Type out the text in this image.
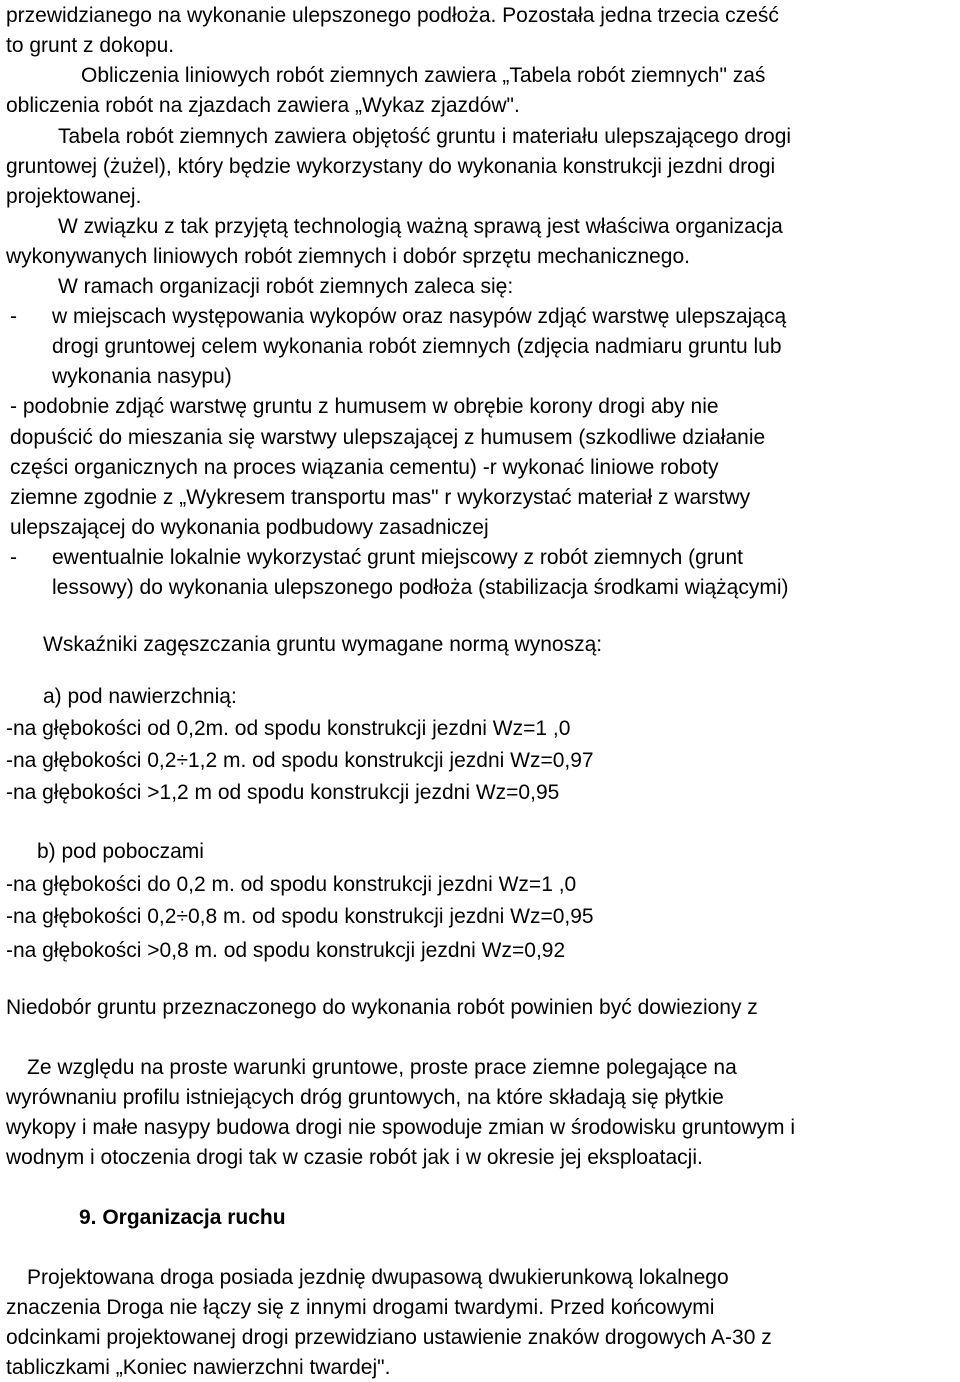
przewidzianego na wykonanie ulepszonego podłoża. Pozostała jedna trzecia cześć
to grunt z dokopu.
Obliczenia liniowych robót ziemnych zawiera „Tabela robót ziemnych" zaś
obliczenia robót na zjazdach zawiera „Wykaz zjazdów".
Tabela robót ziemnych zawiera objętość gruntu i materiału ulepszającego drogi
gruntowej (żużel), który będzie wykorzystany do wykonania konstrukcji jezdni drogi
projektowanej.
W związku z tak przyjętą technologią ważną sprawą jest właściwa organizacja
wykonywanych liniowych robót ziemnych i dobór sprzętu mechanicznego.
W ramach organizacji robót ziemnych zaleca się:
- w miejscach występowania wykopów oraz nasypów zdjąć warstwę ulepszającą
drogi gruntowej celem wykonania robót ziemnych (zdjęcia nadmiaru gruntu lub
wykonania nasypu)
- podobnie zdjąć warstwę gruntu z humusem w obrębie korony drogi aby nie
dopuścić do mieszania się warstwy ulepszającej z humusem (szkodliwe działanie
części organicznych na proces wiązania cementu) -r wykonać liniowe roboty
ziemne zgodnie z „Wykresem transportu mas" r wykorzystać materiał z warstwy
ulepszającej do wykonania podbudowy zasadniczej
- ewentualnie lokalnie wykorzystać grunt miejscowy z robót ziemnych (grunt
lessowy) do wykonania ulepszonego podłoża (stabilizacja środkami wiążącymi)
Wskaźniki zagęszczania gruntu wymagane normą wynoszą:
a) pod nawierzchnią:
-na głębokości od 0,2m. od spodu konstrukcji jezdni Wz=1 ,0
-na głębokości 0,2÷1,2 m. od spodu konstrukcji jezdni Wz=0,97
-na głębokości >1,2 m od spodu konstrukcji jezdni Wz=0,95
b) pod poboczami
-na głębokości do 0,2 m. od spodu konstrukcji jezdni Wz=1 ,0
-na głębokości 0,2÷0,8 m. od spodu konstrukcji jezdni Wz=0,95
-na głębokości >0,8 m. od spodu konstrukcji jezdni Wz=0,92
Niedobór gruntu przeznaczonego do wykonania robót powinien być dowieziony z
Ze względu na proste warunki gruntowe, proste prace ziemne polegające na
wyrównaniu profilu istniejących dróg gruntowych, na które składają się płytkie
wykopy i małe nasypy budowa drogi nie spowoduje zmian w środowisku gruntowym i
wodnym i otoczenia drogi tak w czasie robót jak i w okresie jej eksploatacji.
9. Organizacja ruchu
Projektowana droga posiada jezdnię dwupasową dwukierunkową lokalnego
znaczenia Droga nie łączy się z innymi drogami twardymi. Przed końcowymi
odcinkami projektowanej drogi przewidziano ustawienie znaków drogowych A-30 z
tabliczkami „Koniec nawierzchni twardej".
